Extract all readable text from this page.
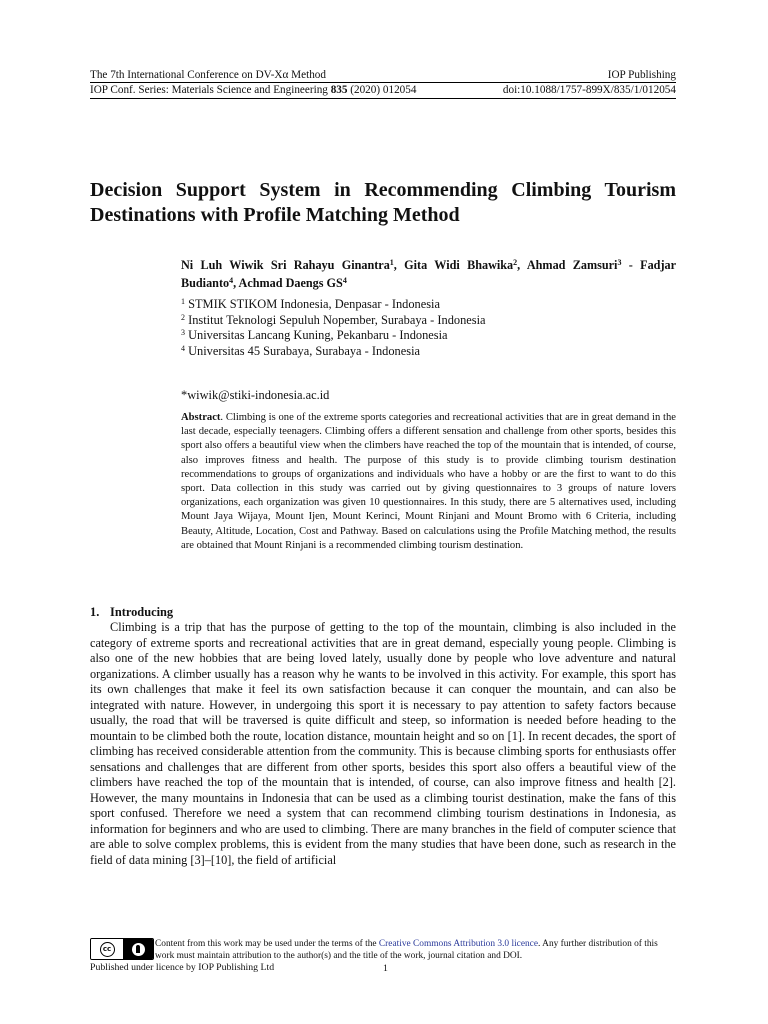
The 7th International Conference on DV-Xα Method	IOP Publishing
IOP Conf. Series: Materials Science and Engineering 835 (2020) 012054	doi:10.1088/1757-899X/835/1/012054
Decision Support System in Recommending Climbing Tourism Destinations with Profile Matching Method
Ni Luh Wiwik Sri Rahayu Ginantra$^1$, Gita Widi Bhawika$^2$, Ahmad Zamsuri$^3$ - Fadjar Budianto$^4$, Achmad Daengs $GS^4$
$^1$ STMIK STIKOM Indonesia, Denpasar - Indonesia
$^2$ Institut Teknologi Sepuluh Nopember, Surabaya - Indonesia
$^3$ Universitas Lancang Kuning, Pekanbaru - Indonesia
$^4$ Universitas 45 Surabaya, Surabaya - Indonesia
*wiwik@stiki-indonesia.ac.id
Abstract. Climbing is one of the extreme sports categories and recreational activities that are in great demand in the last decade, especially teenagers. Climbing offers a different sensation and challenge from other sports, besides this sport also offers a beautiful view when the climbers have reached the top of the mountain that is intended, of course, also improves fitness and health. The purpose of this study is to provide climbing tourism destination recommendations to groups of organizations and individuals who have a hobby or are the first to want to do this sport. Data collection in this study was carried out by giving questionnaires to 3 groups of nature lovers organizations, each organization was given 10 questionnaires. In this study, there are 5 alternatives used, including Mount Jaya Wijaya, Mount Ijen, Mount Kerinci, Mount Rinjani and Mount Bromo with 6 Criteria, including Beauty, Altitude, Location, Cost and Pathway. Based on calculations using the Profile Matching method, the results are obtained that Mount Rinjani is a recommended climbing tourism destination.
1. Introducing
Climbing is a trip that has the purpose of getting to the top of the mountain, climbing is also included in the category of extreme sports and recreational activities that are in great demand, especially young people. Climbing is also one of the new hobbies that are being loved lately, usually done by people who love adventure and natural organizations. A climber usually has a reason why he wants to be involved in this activity. For example, this sport has its own challenges that make it feel its own satisfaction because it can conquer the mountain, and can also be integrated with nature. However, in undergoing this sport it is necessary to pay attention to safety factors because usually, the road that will be traversed is quite difficult and steep, so information is needed before heading to the mountain to be climbed both the route, location distance, mountain height and so on [1]. In recent decades, the sport of climbing has received considerable attention from the community. This is because climbing sports for enthusiasts offer sensations and challenges that are different from other sports, besides this sport also offers a beautiful view of the climbers have reached the top of the mountain that is intended, of course, can also improve fitness and health [2]. However, the many mountains in Indonesia that can be used as a climbing tourist destination, make the fans of this sport confused. Therefore we need a system that can recommend climbing tourism destinations in Indonesia, as information for beginners and who are used to climbing. There are many branches in the field of computer science that are able to solve complex problems, this is evident from the many studies that have been done, such as research in the field of data mining [3]–[10], the field of artificial
cc	Content from this work may be used under the terms of the Creative Commons Attribution 3.0 licence. Any further distribution of this work must maintain attribution to the author(s) and the title of the work, journal citation and DOI.
Published under licence by IOP Publishing Ltd	1
